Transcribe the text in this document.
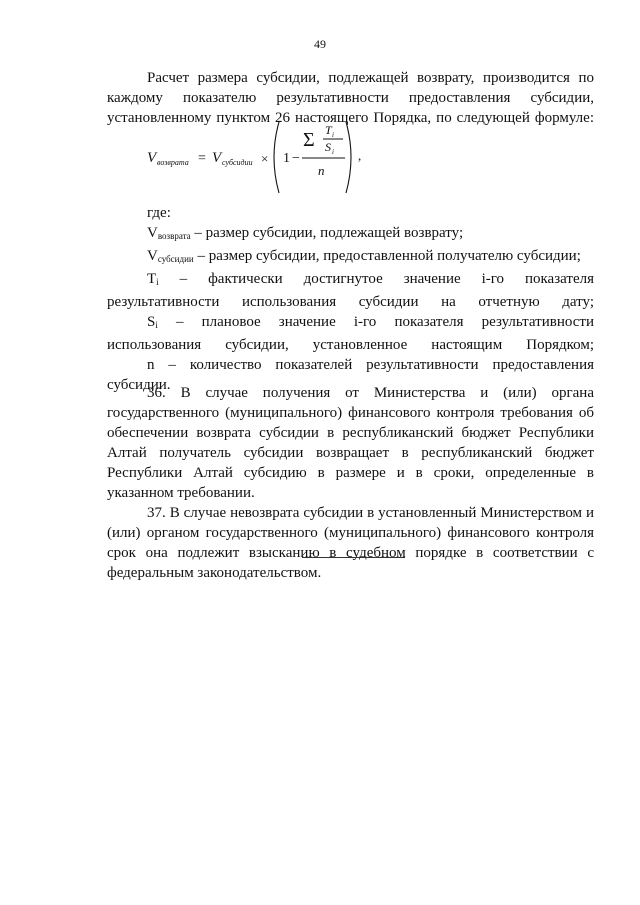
49
Расчет размера субсидии, подлежащей возврату, производится по
каждому показателю результативности предоставления субсидии,
установленному пунктом 26 настоящего Порядка, по следующей формуле:
V возврата = V субсидии × 1 −
Σ T i
S i
n
,
где:
$V_{возврата}$ – размер субсидии, подлежащей возврату;
$V_{субсидии}$ – размер субсидии, предоставленной получателю субсидии;
$T_i$ – фактически достигнутое значение i-го показателя
результативности использования субсидии на отчетную дату;
$S_i$ – плановое значение i-го показателя результативности
использования субсидии, установленное настоящим Порядком;
n – количество показателей результативности предоставления
субсидии.
36. В случае получения от Министерства и (или) органа
государственного (муниципального) финансового контроля требования об
обеспечении возврата субсидии в республиканский бюджет Республики
Алтай получатель субсидии возвращает в республиканский бюджет
Республики Алтай субсидию в размере и в сроки, определенные в
указанном требовании.
37. В случае невозврата субсидии в установленный Министерством и
(или) органом государственного (муниципального) финансового контроля
срок она подлежит взысканию в судебном порядке в соответствии с
федеральным законодательством.
